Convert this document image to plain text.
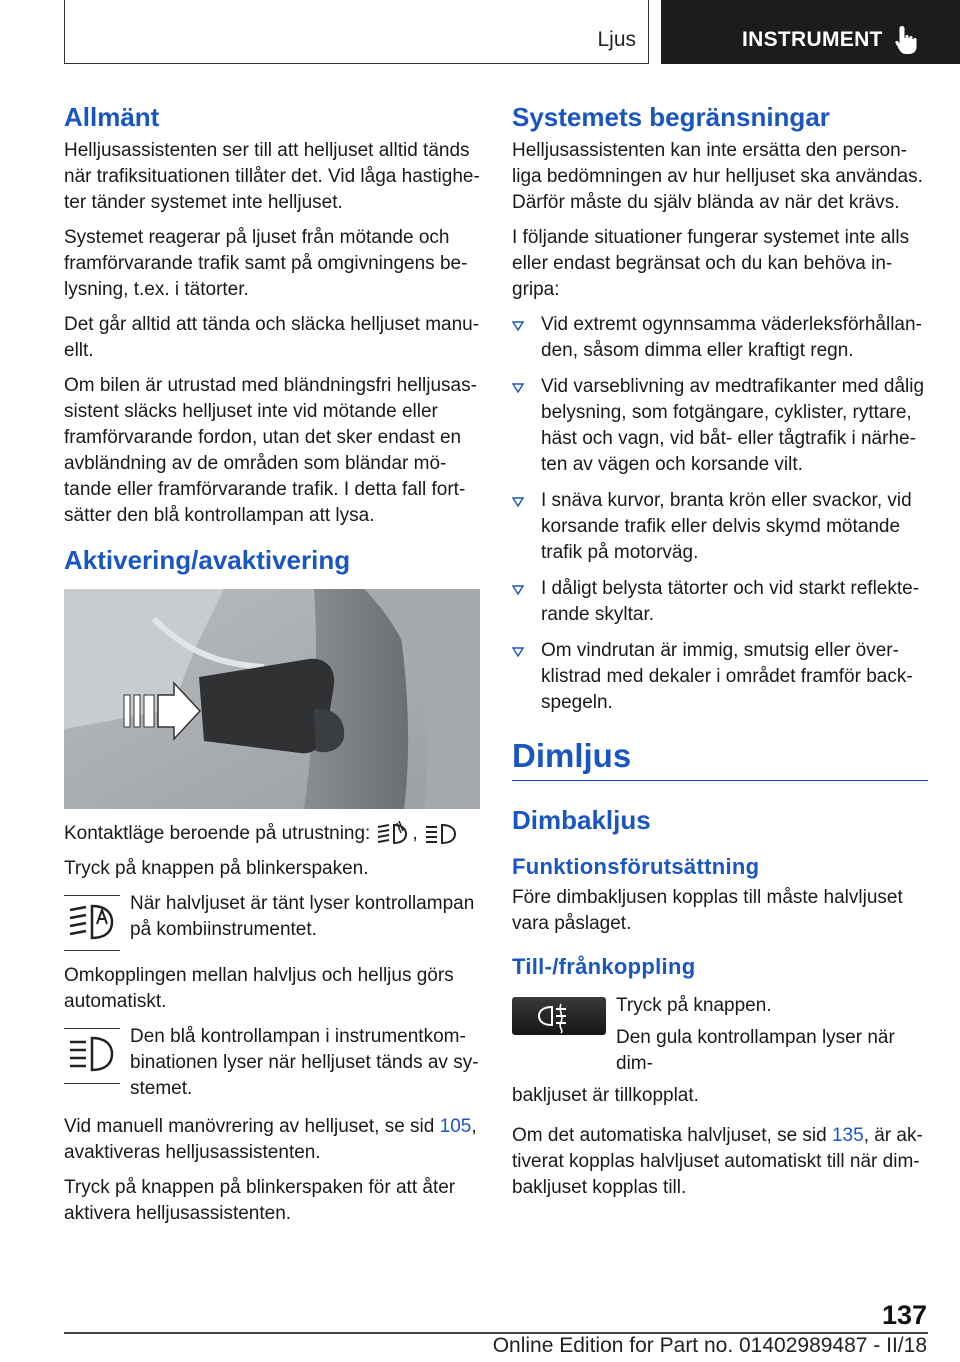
Ljus	INSTRUMENT
Allmänt

Helljusassistenten ser till att helljuset alltid tänds när trafiksituationen tillåter det. Vid låga hastighe-ter tänder systemet inte helljuset.

Systemet reagerar på ljuset från mötande och framförvarande trafik samt på omgivningens be-lysning, t.ex. i tätorter.

Det går alltid att tända och släcka helljuset manu-ellt.

Om bilen är utrustad med bländningsfri helljusas-sistent släcks helljuset inte vid mötande eller framförvarande fordon, utan det sker endast en avbländning av de områden som bländar mö-tande eller framförvarande trafik. I detta fall fort-sätter den blå kontrollampan att lysa.

Aktivering/avaktivering
Kontaktläge beroende på utrustning: ,

Tryck på knappen på blinkerspaken.

När halvljuset är tänt lyser kontrollampan på kombiinstrumentet.

Omkopplingen mellan halvljus och helljus görs automatiskt.

Den blå kontrollampan i instrumentkom-binationen lyser när helljuset tänds av sy-stemet.

Vid manuell manövrering av helljuset, se sid 105, avaktiveras helljusassistenten.

Tryck på knappen på blinkerspaken för att åter aktivera helljusassistenten.

Systemets begränsningar

Helljusassistenten kan inte ersätta den person-liga bedömningen av hur helljuset ska användas. Därför måste du själv blända av när det krävs.

I följande situationer fungerar systemet inte alls eller endast begränsat och du kan behöva in-gripa:

Vid extremt ogynnsamma väderleksförhållan-den, såsom dimma eller kraftigt regn.
Vid varseblivning av medtrafikanter med dålig belysning, som fotgängare, cyklister, ryttare, häst och vagn, vid båt- eller tågtrafik i närhe-ten av vägen och korsande vilt.
I snäva kurvor, branta krön eller svackor, vid korsande trafik eller delvis skymd mötande trafik på motorväg.
I dåligt belysta tätorter och vid starkt reflekte-rande skyltar.
Om vindrutan är immig, smutsig eller över-klistrad med dekaler i området framför back-spegeln.
Dimljus
Dimbakljus
Funktionsförutsättning

Före dimbakljusen kopplas till måste halvljuset vara påslaget.

Till-/frånkoppling

Tryck på knappen.

Den gula kontrollampan lyser när dim-

bakljuset är tillkopplat.

Om det automatiska halvljuset, se sid 135, är ak-tiverat kopplas halvljuset automatiskt till när dim-bakljuset kopplas till.

137
Online Edition for Part no. 01402989487 - II/18
